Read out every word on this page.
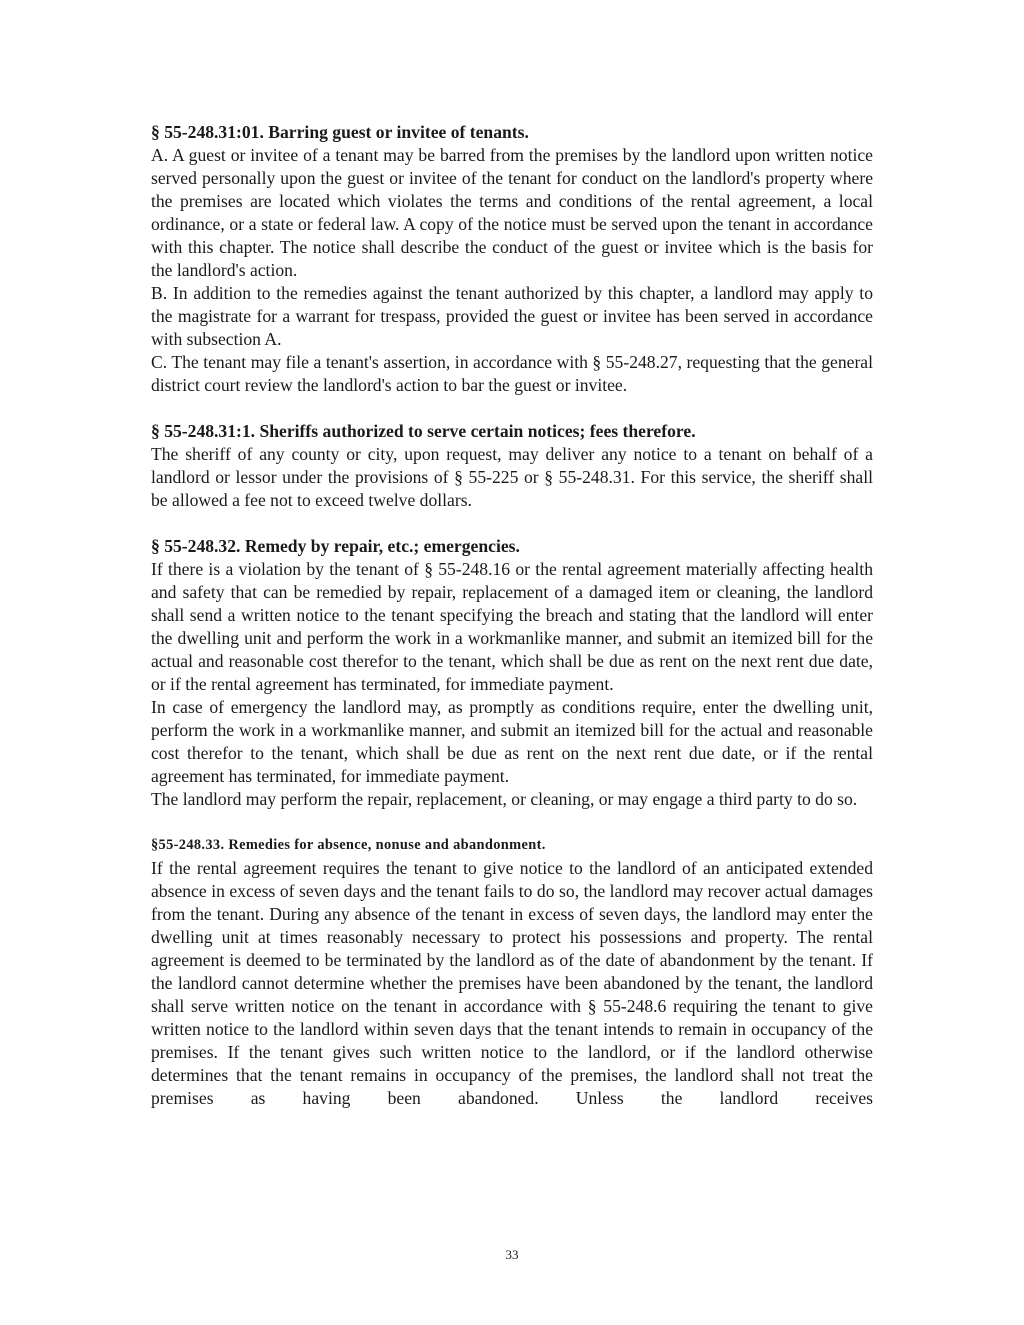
§ 55-248.31:01. Barring guest or invitee of tenants.

A. A guest or invitee of a tenant may be barred from the premises by the landlord upon written notice served personally upon the guest or invitee of the tenant for conduct on the landlord's property where the premises are located which violates the terms and conditions of the rental agreement, a local ordinance, or a state or federal law. A copy of the notice must be served upon the tenant in accordance with this chapter. The notice shall describe the conduct of the guest or invitee which is the basis for the landlord's action.

B. In addition to the remedies against the tenant authorized by this chapter, a landlord may apply to the magistrate for a warrant for trespass, provided the guest or invitee has been served in accordance with subsection A.

C. The tenant may file a tenant's assertion, in accordance with § 55-248.27, requesting that the general district court review the landlord's action to bar the guest or invitee.

§ 55-248.31:1. Sheriffs authorized to serve certain notices; fees therefore.

The sheriff of any county or city, upon request, may deliver any notice to a tenant on behalf of a landlord or lessor under the provisions of § 55-225 or § 55-248.31. For this service, the sheriff shall be allowed a fee not to exceed twelve dollars.

§ 55-248.32. Remedy by repair, etc.; emergencies.

If there is a violation by the tenant of § 55-248.16 or the rental agreement materially affecting health and safety that can be remedied by repair, replacement of a damaged item or cleaning, the landlord shall send a written notice to the tenant specifying the breach and stating that the landlord will enter the dwelling unit and perform the work in a workmanlike manner, and submit an itemized bill for the actual and reasonable cost therefor to the tenant, which shall be due as rent on the next rent due date, or if the rental agreement has terminated, for immediate payment.

In case of emergency the landlord may, as promptly as conditions require, enter the dwelling unit, perform the work in a workmanlike manner, and submit an itemized bill for the actual and reasonable cost therefor to the tenant, which shall be due as rent on the next rent due date, or if the rental agreement has terminated, for immediate payment.

The landlord may perform the repair, replacement, or cleaning, or may engage a third party to do so.

§55-248.33. Remedies for absence, nonuse and abandonment.

If the rental agreement requires the tenant to give notice to the landlord of an anticipated extended absence in excess of seven days and the tenant fails to do so, the landlord may recover actual damages from the tenant. During any absence of the tenant in excess of seven days, the landlord may enter the dwelling unit at times reasonably necessary to protect his possessions and property. The rental agreement is deemed to be terminated by the landlord as of the date of abandonment by the tenant. If the landlord cannot determine whether the premises have been abandoned by the tenant, the landlord shall serve written notice on the tenant in accordance with § 55-248.6 requiring the tenant to give written notice to the landlord within seven days that the tenant intends to remain in occupancy of the premises. If the tenant gives such written notice to the landlord, or if the landlord otherwise determines that the tenant remains in occupancy of the premises, the landlord shall not treat the premises as having been abandoned. Unless the landlord receives

33
